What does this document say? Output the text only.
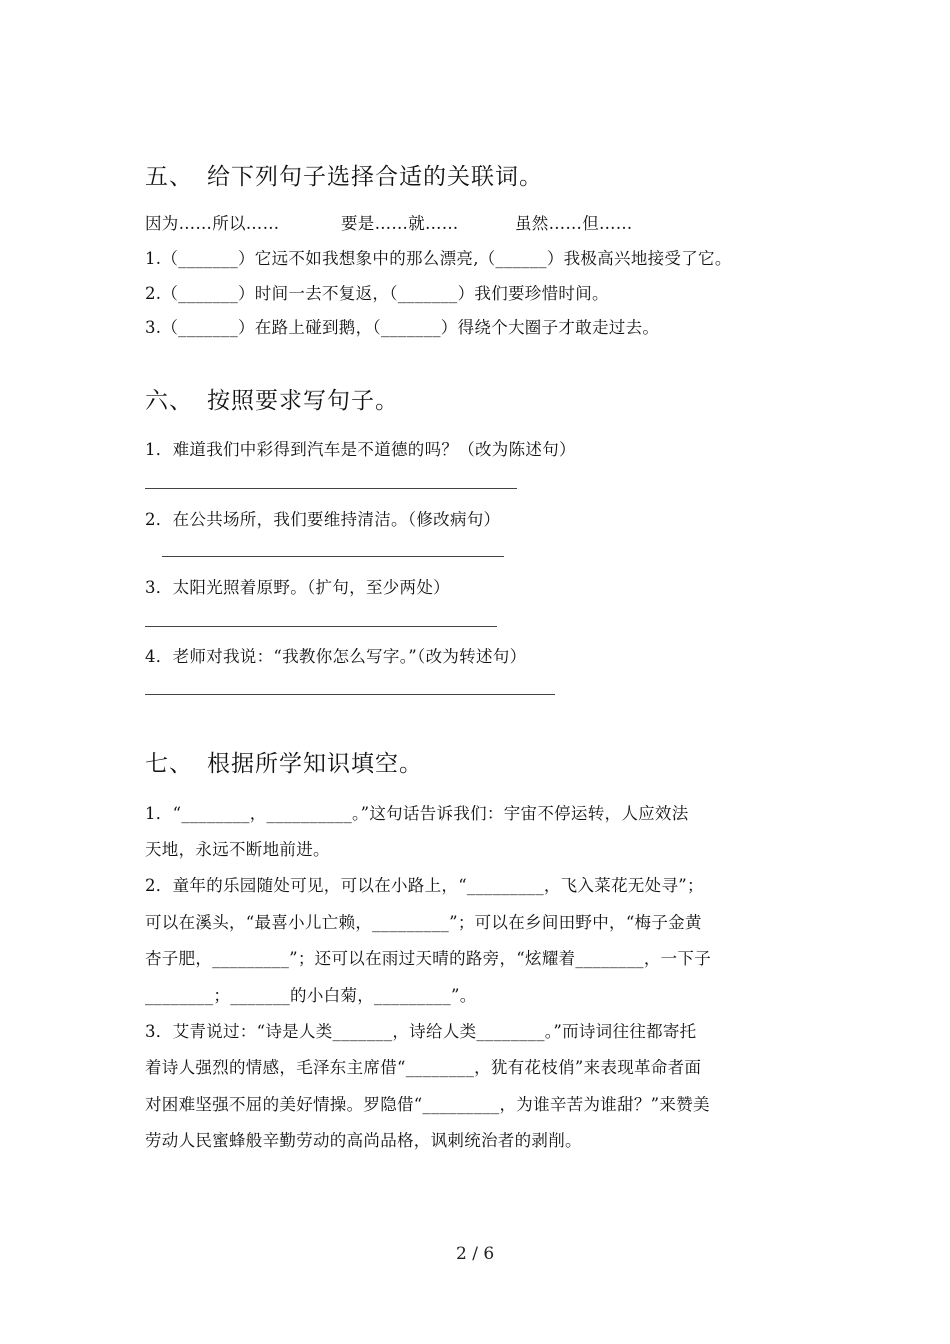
五、 给下列句子选择合适的关联词。
因为……所以……	要是……就……	虽然……但……
1.（_______）它远不如我想象中的那么漂亮,（______）我极高兴地接受了它。
2.（_______）时间一去不复返，（_______）我们要珍惜时间。
3.（_______）在路上碰到鹅，（_______）得绕个大圈子才敢走过去。
六、 按照要求写句子。
1．难道我们中彩得到汽车是不道德的吗？（改为陈述句）
2．在公共场所，我们要维持清洁。（修改病句）
3．太阳光照着原野。（扩句，至少两处）
4．老师对我说：“我教你怎么写字。”（改为转述句）
七、 根据所学知识填空。
1．“________，__________。”这句话告诉我们：宇宙不停运转，人应效法
天地，永远不断地前进。
2．童年的乐园随处可见，可以在小路上，“_________，飞入菜花无处寻”；
可以在溪头，“最喜小儿亡赖，_________”；可以在乡间田野中，“梅子金黄
杏子肥，_________”；还可以在雨过天晴的路旁，“炫耀着________，一下子
________；_______的小白菊，_________”。
3．艾青说过：“诗是人类_______，诗给人类________。”而诗词往往都寄托
着诗人强烈的情感，毛泽东主席借“________，犹有花枝俏”来表现革命者面
对困难坚强不屈的美好情操。罗隐借“_________，为谁辛苦为谁甜？”来赞美
劳动人民蜜蜂般辛勤劳动的高尚品格，讽刺统治者的剥削。
2 / 6
